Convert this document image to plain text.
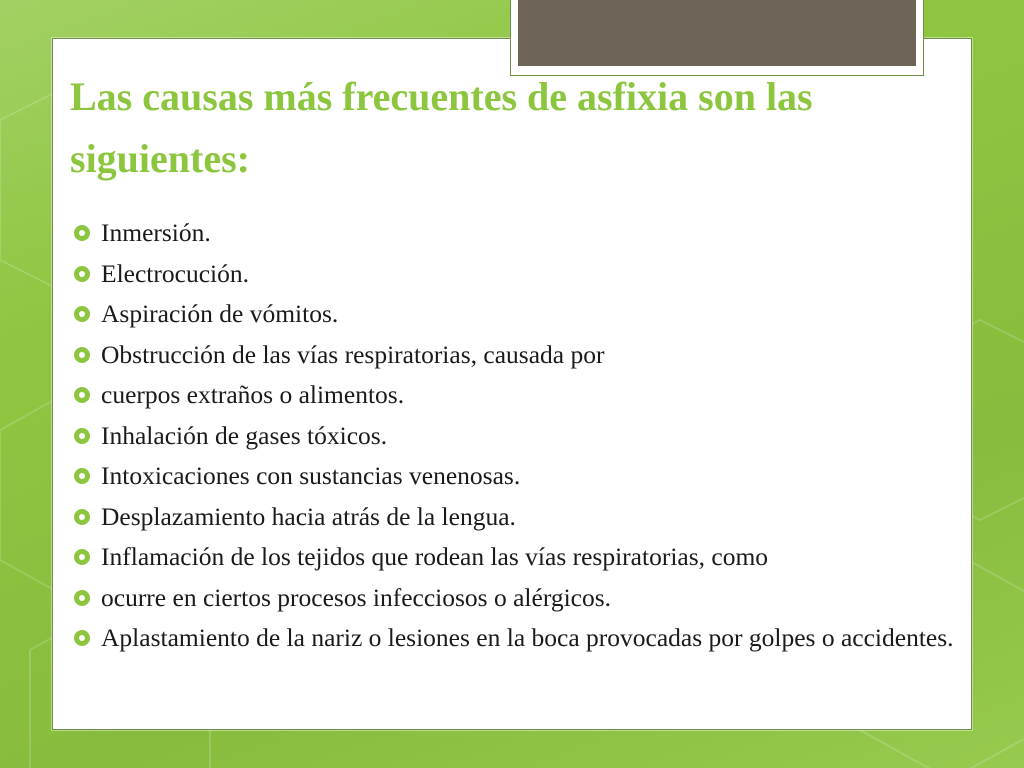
Las causas más frecuentes de asfixia son las siguientes:
Inmersión.
Electrocución.
Aspiración de vómitos.
Obstrucción de las vías respiratorias, causada por
cuerpos extraños o alimentos.
Inhalación de gases tóxicos.
Intoxicaciones con sustancias venenosas.
Desplazamiento hacia atrás de la lengua.
Inflamación de los tejidos que rodean las vías respiratorias, como
ocurre en ciertos procesos infecciosos o alérgicos.
Aplastamiento de la nariz o lesiones en la boca provocadas por golpes o accidentes.
